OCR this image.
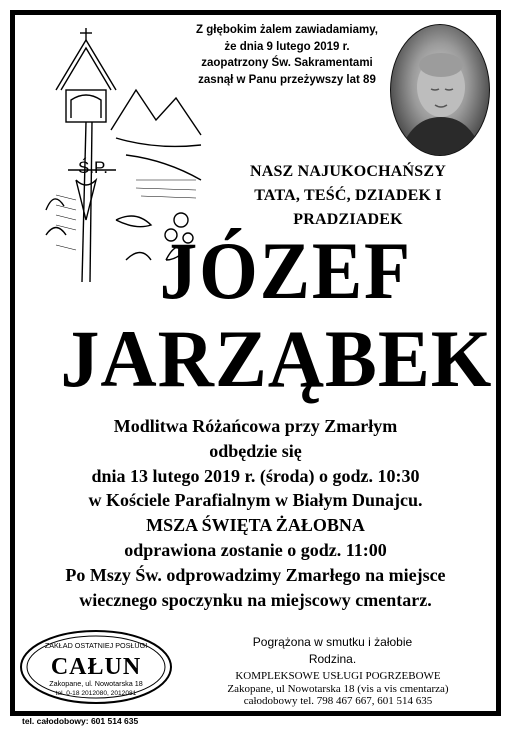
Z głębokim żalem zawiadamiamy,
że dnia 9 lutego 2019 r.
zaopatrzony Św. Sakramentami
zasnął w Panu przeżywszy lat 89
Ś.P.	NASZ NAJUKOCHAŃSZY
TATA, TEŚĆ, DZIADEK I PRADZIADEK
JÓZEF
JARZĄBEK
Modlitwa Różańcowa przy Zmarłym
odbędzie się
dnia 13 lutego 2019 r. (środa) o godz. 10:30
w Kościele Parafialnym w Białym Dunajcu.
MSZA ŚWIĘTA ŻAŁOBNA
odprawiona zostanie o godz. 11:00
Po Mszy Św. odprowadzimy Zmarłego na miejsce
wiecznego spoczynku na miejscowy cmentarz.
Pogrążona w smutku i żałobie
Rodzina.
ZAKŁAD OSTATNIEJ POSŁUGI
CAŁUN
Zakopane, ul. Nowotarska 18
tel. 0-18 2012080, 2012081
KOMPLEKSOWE USŁUGI POGRZEBOWE
Zakopane, ul Nowotarska 18 (vis a vis cmentarza)
całodobowy tel. 798 467 667, 601 514 635
tel. całodobowy: 601 514 635
